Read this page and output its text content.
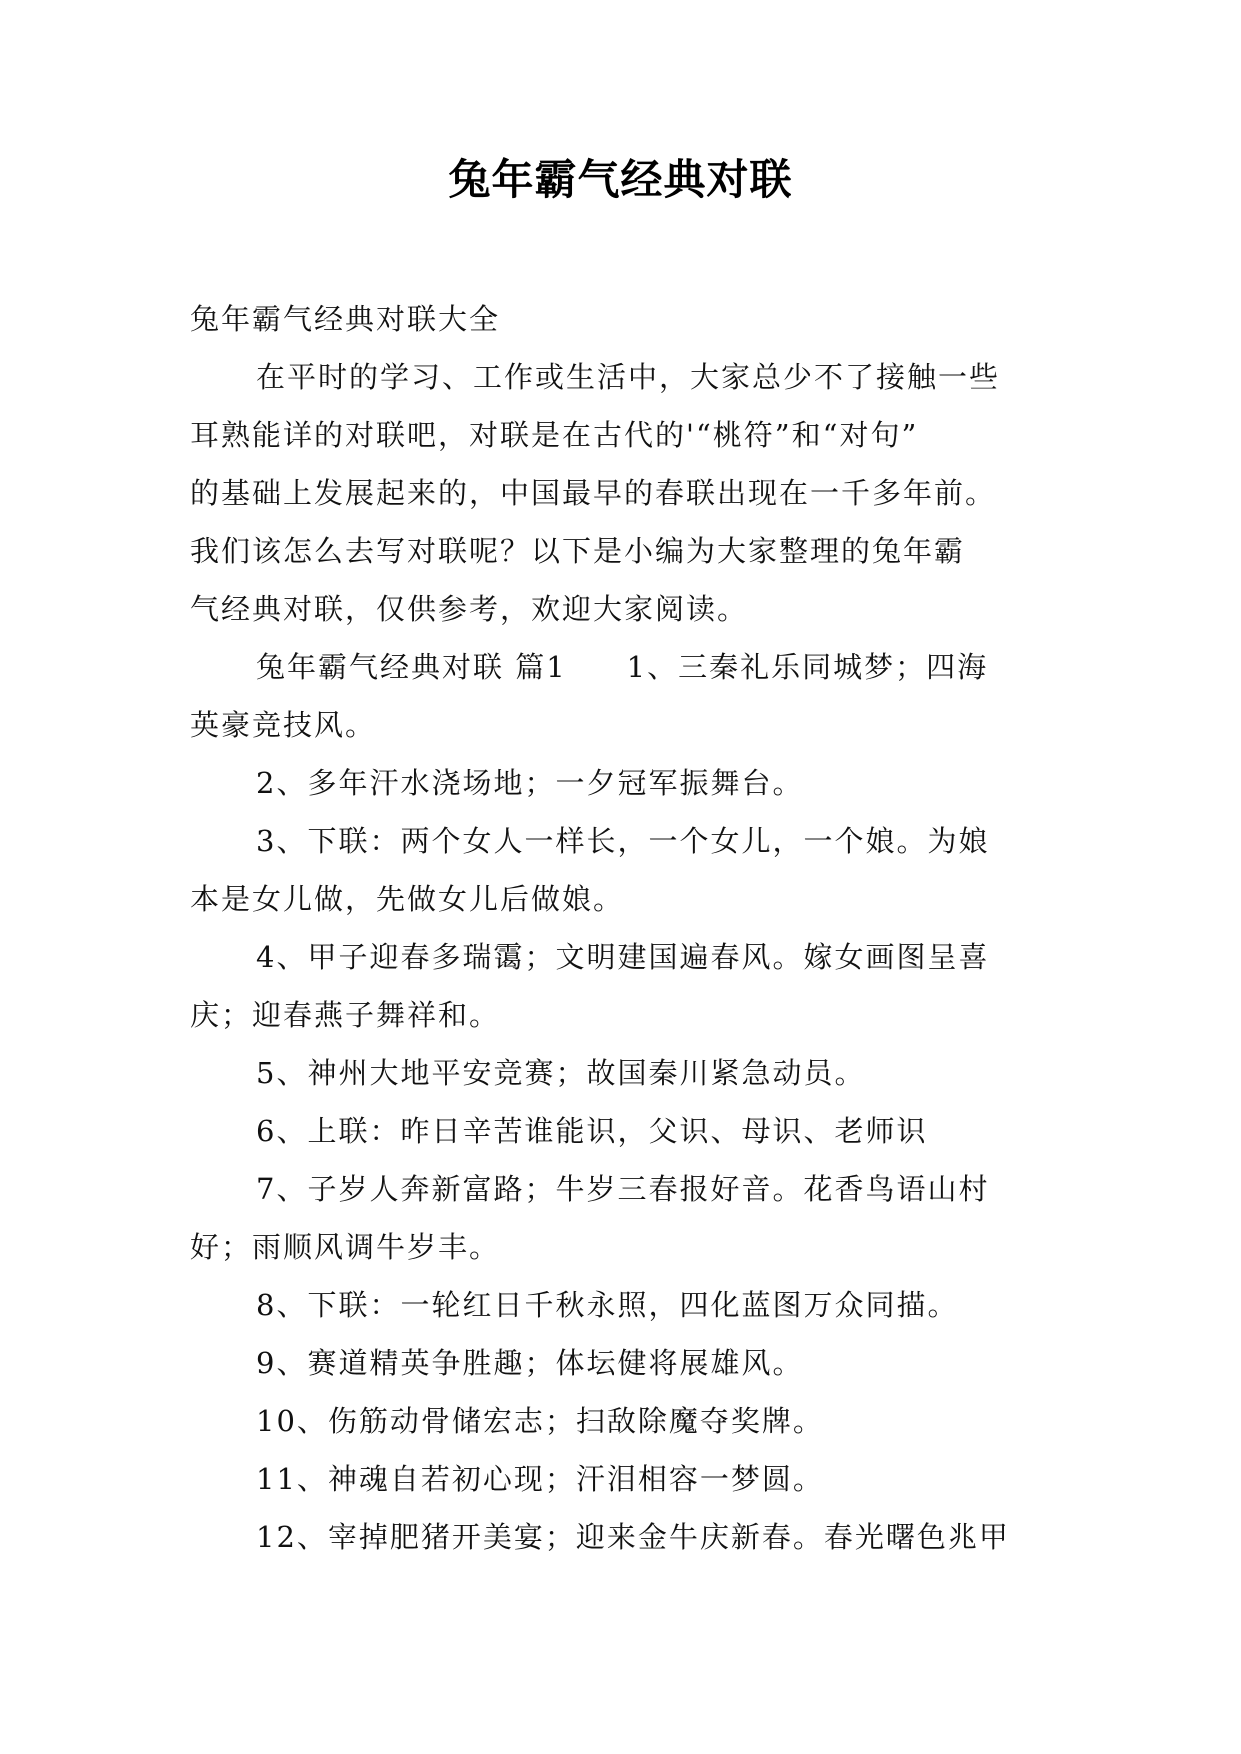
兔年霸气经典对联

兔年霸气经典对联大全

在平时的学习、工作或生活中，大家总少不了接触一些

耳熟能详的对联吧，对联是在古代的'“桃符”和“对句”

的基础上发展起来的，中国最早的春联出现在一千多年前。

我们该怎么去写对联呢？以下是小编为大家整理的兔年霸

气经典对联，仅供参考，欢迎大家阅读。

兔年霸气经典对联 篇1 1、三秦礼乐同城梦；四海

英豪竞技风。

2、多年汗水浇场地；一夕冠军振舞台。

3、下联：两个女人一样长，一个女儿，一个娘。为娘

本是女儿做，先做女儿后做娘。

4、甲子迎春多瑞霭；文明建国遍春风。嫁女画图呈喜

庆；迎春燕子舞祥和。

5、神州大地平安竞赛；故国秦川紧急动员。

6、上联：昨日辛苦谁能识，父识、母识、老师识

7、子岁人奔新富路；牛岁三春报好音。花香鸟语山村

好；雨顺风调牛岁丰。

8、下联：一轮红日千秋永照，四化蓝图万众同描。

9、赛道精英争胜趣；体坛健将展雄风。

10、伤筋动骨储宏志；扫敌除魔夺奖牌。

11、神魂自若初心现；汗泪相容一梦圆。

12、宰掉肥猪开美宴；迎来金牛庆新春。春光曙色兆甲
